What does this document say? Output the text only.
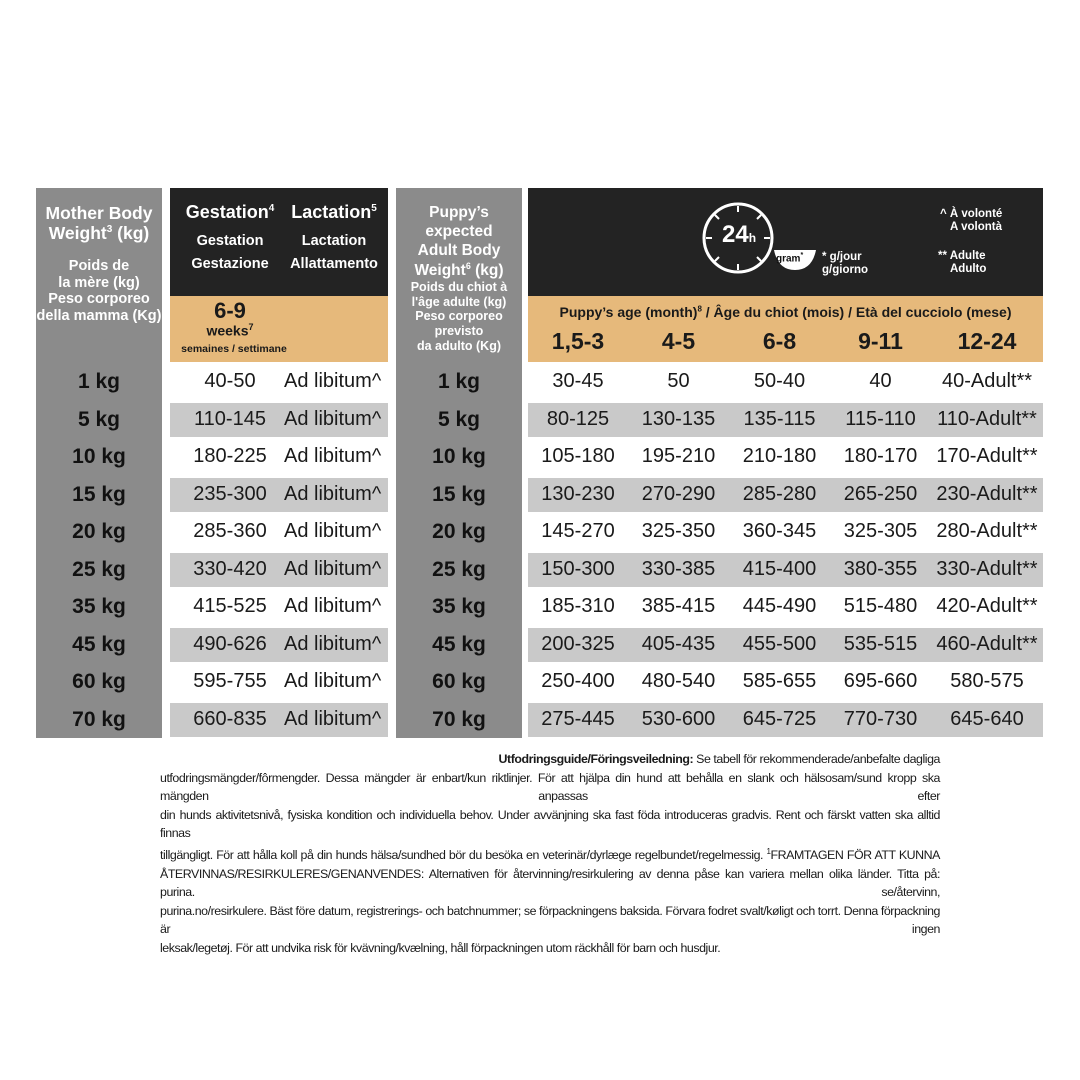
Mother Body
Weight$^3$ (kg)
Poids de
la mère (kg)
Peso corporeo
della mamma (Kg)
Gestation$^4$
Gestation
Gestazione
Lactation$^5$
Lactation
Allattamento
6-9
weeks$^7$
semaines / settimane
Puppy’s expected
Adult Body
Weight$^6$ (kg)
Poids du chiot à
l'âge adulte (kg)
Peso corporeo previsto
da adulto (Kg)
24h
gram* * g/jour
g/giorno
^ À volonté
A volontà
** Adulte
Adulto
Puppy’s age (month)$^8$ / Âge du chiot (mois) / Età del cucciolo (mese)
1,5-3	4-5	6-8	9-11	12-24
1 kg	40-50	Ad libitum^	1 kg	30-45	50	50-40	40	40-Adult**
5 kg	110-145 Ad libitum^	5 kg	80-125	130-135	135-115	115-110	110-Adult**
10 kg	180-225 Ad libitum^	10 kg	105-180	195-210	210-180	180-170 170-Adult**
15 kg	235-300 Ad libitum^	15 kg	130-230	270-290	285-280	265-250 230-Adult**
20 kg	285-360 Ad libitum^	20 kg	145-270	325-350	360-345	325-305 280-Adult**
25 kg	330-420 Ad libitum^	25 kg	150-300	330-385	415-400	380-355 330-Adult**
35 kg	415-525 Ad libitum^	35 kg	185-310	385-415	445-490	515-480 420-Adult**
45 kg	490-626 Ad libitum^	45 kg	200-325	405-435	455-500	535-515 460-Adult**
60 kg	595-755 Ad libitum^	60 kg	250-400	480-540	585-655	695-660	580-575
70 kg	660-835 Ad libitum^	70 kg	275-445	530-600	645-725	770-730	645-640
Utfodringsguide/Föringsveiledning: Se tabell för rekommenderade/anbefalte dagliga
utfodringsmängder/fôrmengder. Dessa mängder är enbart/kun riktlinjer. För att hjälpa din hund att behålla en slank och hälsosam/sund kropp ska mängden anpassas efter
din hunds aktivitetsnivå, fysiska kondition och individuella behov. Under avvänjning ska fast föda introduceras gradvis. Rent och färskt vatten ska alltid finnas
tillgängligt. För att hålla koll på din hunds hälsa/sundhed bör du besöka en veterinär/dyrlæge regelbundet/regelmessig. $^1$FRAMTAGEN FÖR ATT KUNNA
ÅTERVINNAS/RESIRKULERES/GENANVENDES: Alternativen för återvinning/resirkulering av denna påse kan variera mellan olika länder. Titta på: purina. se/återvinn,
purina.no/resirkulere. Bäst före datum, registrerings- och batchnummer; se förpackningens baksida. Förvara fodret svalt/køligt och torrt. Denna förpackning är ingen
leksak/legetøj. För att undvika risk för kvävning/kvælning, håll förpackningen utom räckhåll för barn och husdjur.
